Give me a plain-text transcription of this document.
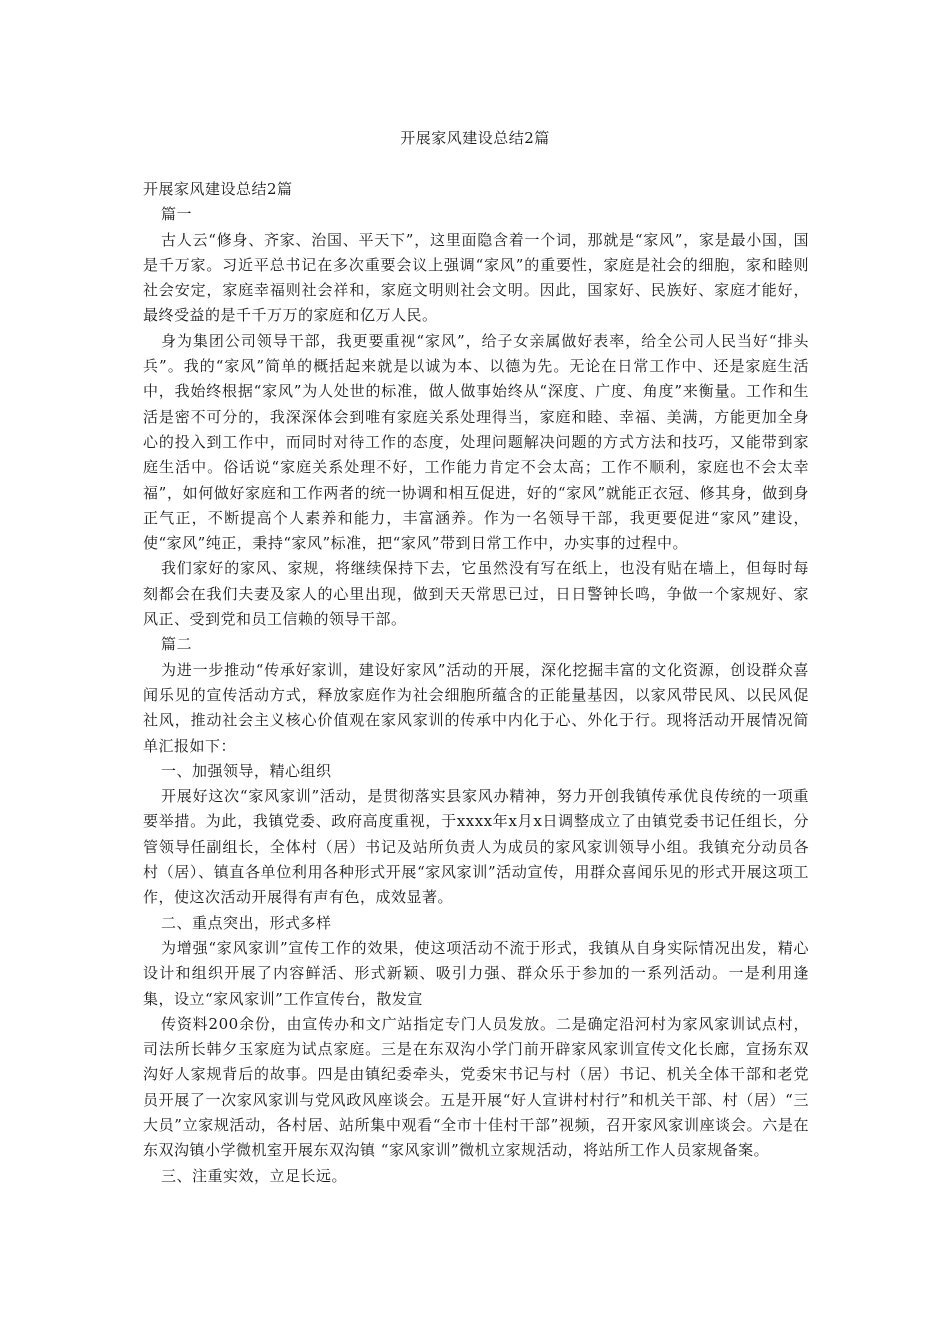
开展家风建设总结2篇

开展家风建设总结2篇

篇一

古人云“修身、齐家、治国、平天下”，这里面隐含着一个词，那就是“家风”，家是最小国，国是千万家。习近平总书记在多次重要会议上强调“家风”的重要性，家庭是社会的细胞，家和睦则社会安定，家庭幸福则社会祥和，家庭文明则社会文明。因此，国家好、民族好、家庭才能好，最终受益的是千千万万的家庭和亿万人民。

身为集团公司领导干部，我更要重视“家风”，给子女亲属做好表率，给全公司人民当好“排头兵”。我的“家风”简单的概括起来就是以诚为本、以德为先。无论在日常工作中、还是家庭生活中，我始终根据“家风”为人处世的标准，做人做事始终从“深度、广度、角度”来衡量。工作和生活是密不可分的，我深深体会到唯有家庭关系处理得当，家庭和睦、幸福、美满，方能更加全身心的投入到工作中，而同时对待工作的态度，处理问题解决问题的方式方法和技巧，又能带到家庭生活中。俗话说“家庭关系处理不好，工作能力肯定不会太高；工作不顺利，家庭也不会太幸福”，如何做好家庭和工作两者的统一协调和相互促进，好的“家风”就能正衣冠、修其身，做到身正气正，不断提高个人素养和能力，丰富涵养。作为一名领导干部，我更要促进“家风”建设，使“家风”纯正，秉持“家风”标准，把“家风”带到日常工作中，办实事的过程中。

我们家好的家风、家规，将继续保持下去，它虽然没有写在纸上，也没有贴在墙上，但每时每刻都会在我们夫妻及家人的心里出现，做到天天常思已过，日日警钟长鸣，争做一个家规好、家风正、受到党和员工信赖的领导干部。

篇二

为进一步推动“传承好家训，建设好家风”活动的开展，深化挖掘丰富的文化资源，创设群众喜闻乐见的宣传活动方式，释放家庭作为社会细胞所蕴含的正能量基因，以家风带民风、以民风促社风，推动社会主义核心价值观在家风家训的传承中内化于心、外化于行。现将活动开展情况简单汇报如下：

一、加强领导，精心组织

开展好这次“家风家训”活动，是贯彻落实县家风办精神，努力开创我镇传承优良传统的一项重要举措。为此，我镇党委、政府高度重视，于xxxx年x月x日调整成立了由镇党委书记任组长，分管领导任副组长，全体村（居）书记及站所负责人为成员的家风家训领导小组。我镇充分动员各村（居）、镇直各单位利用各种形式开展“家风家训”活动宣传，用群众喜闻乐见的形式开展这项工作，使这次活动开展得有声有色，成效显著。

二、重点突出，形式多样

为增强“家风家训”宣传工作的效果，使这项活动不流于形式，我镇从自身实际情况出发，精心设计和组织开展了内容鲜活、形式新颖、吸引力强、群众乐于参加的一系列活动。一是利用逢集，设立“家风家训”工作宣传台，散发宣

传资料200余份，由宣传办和文广站指定专门人员发放。二是确定沿河村为家风家训试点村，司法所长韩夕玉家庭为试点家庭。三是在东双沟小学门前开辟家风家训宣传文化长廊，宣扬东双沟好人家规背后的故事。四是由镇纪委牵头，党委宋书记与村（居）书记、机关全体干部和老党员开展了一次家风家训与党风政风座谈会。五是开展“好人宣讲村村行”和机关干部、村（居）“三大员”立家规活动，各村居、站所集中观看“全市十佳村干部”视频，召开家风家训座谈会。六是在东双沟镇小学微机室开展东双沟镇 “家风家训”微机立家规活动，将站所工作人员家规备案。

三、注重实效，立足长远。
